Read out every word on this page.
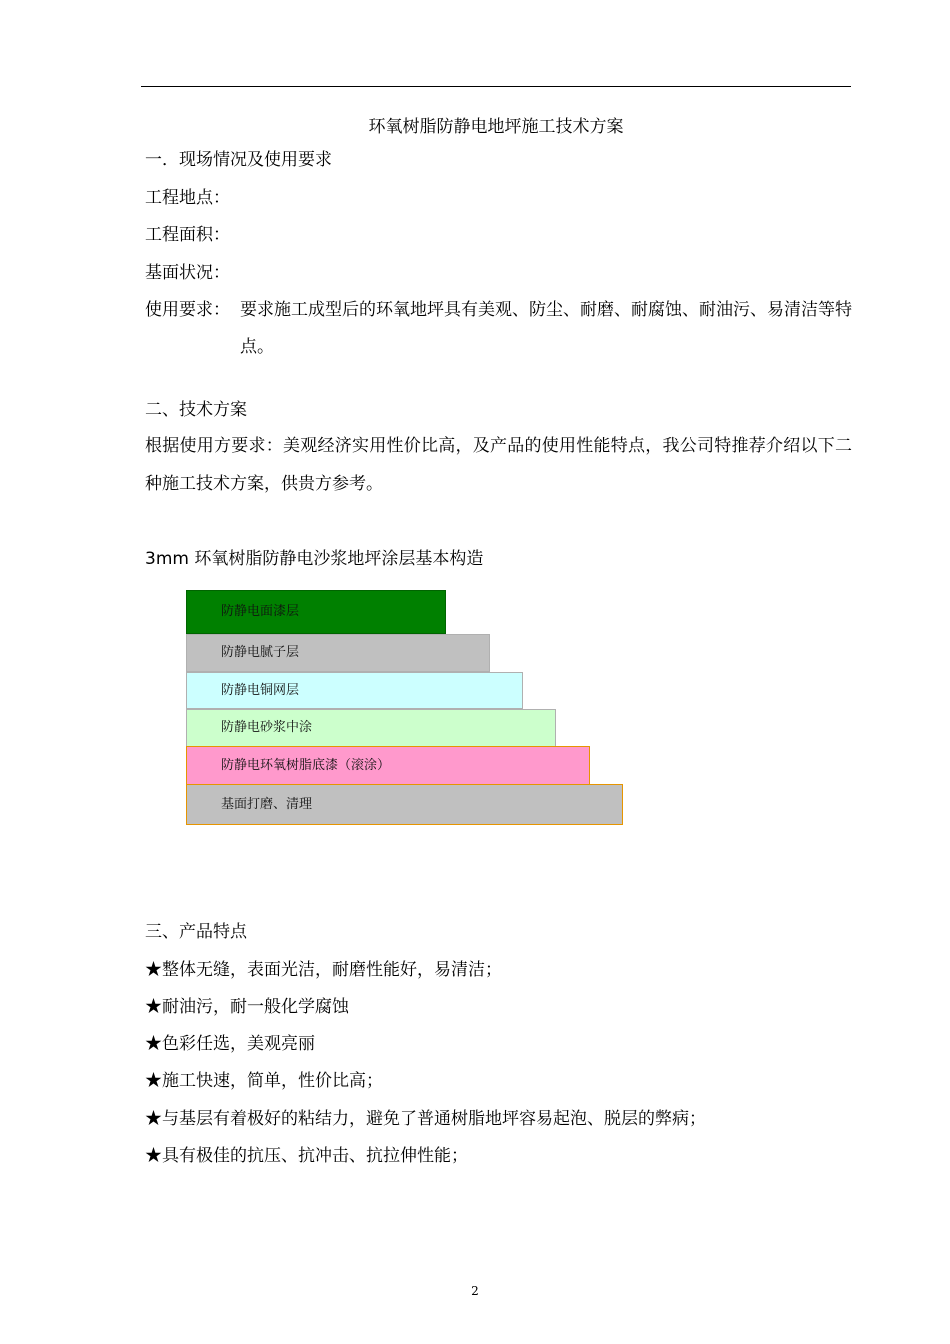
环氧树脂防静电地坪施工技术方案
一．现场情况及使用要求
工程地点：
工程面积：
基面状况：
使用要求： 要求施工成型后的环氧地坪具有美观、防尘、耐磨、耐腐蚀、耐油污、易清洁等特点。
二、技术方案
根据使用方要求：美观经济实用性价比高，及产品的使用性能特点，我公司特推荐介绍以下二种施工技术方案，供贵方参考。
3mm 环氧树脂防静电沙浆地坪涂层基本构造
防静电面漆层
防静电腻子层
防静电铜网层
防静电砂浆中涂
防静电环氧树脂底漆（滚涂）
基面打磨、清理
三、产品特点
★整体无缝，表面光洁，耐磨性能好，易清洁；
★耐油污，耐一般化学腐蚀
★色彩任选，美观亮丽
★施工快速，简单，性价比高；
★与基层有着极好的粘结力，避免了普通树脂地坪容易起泡、脱层的弊病；
★具有极佳的抗压、抗冲击、抗拉伸性能；
2
